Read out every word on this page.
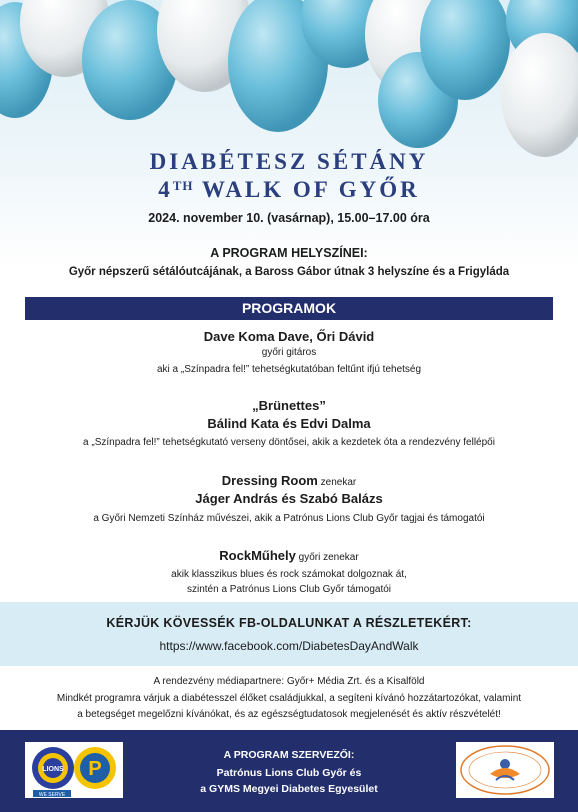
DIABÉTESZ SÉTÁNY
4TH WALK OF GYŐR
2024. november 10. (vasárnap), 15.00–17.00 óra
A PROGRAM HELYSZÍNEI:
Győr népszerű sétálóutcájának, a Baross Gábor útnak 3 helyszíne és a Frigyláda
PROGRAMOK
Dave Koma Dave, Őri Dávid
győri gitáros
aki a „Színpadra fel!” tehetségkutatóban feltűnt ifjú tehetség
„Brünettes”
Bálind Kata és Edvi Dalma
a „Színpadra fel!” tehetségkutató verseny döntősei, akik a kezdetek óta a rendezvény fellépői
Dressing Room zenekar
Jáger András és Szabó Balázs
a Győri Nemzeti Színház művészei, akik a Patrónus Lions Club Győr tagjai és támogatói
RockMűhely győri zenekar
akik klasszikus blues és rock számokat dolgoznak át,
szintén a Patrónus Lions Club Győr támogatói
KÉRJÜK KÖVESSÉK FB-OLDALUNKAT A RÉSZLETEKÉRT:
https://www.facebook.com/DiabetesDayAndWalk
A rendezvény médiapartnere: Győr+ Média Zrt. és a Kisalföld
Mindkét programra várjuk a diabétesszel élőket családjukkal, a segíteni kívánó hozzátartozókat, valamint
a betegséget megelőzni kívánókat, és az egészségtudatosok megjelenését és aktív részvételét!
LIONS P
WE SERVE
A PROGRAM SZERVEZŐI:
Patrónus Lions Club Győr és
a GYMS Megyei Diabetes Egyesület
